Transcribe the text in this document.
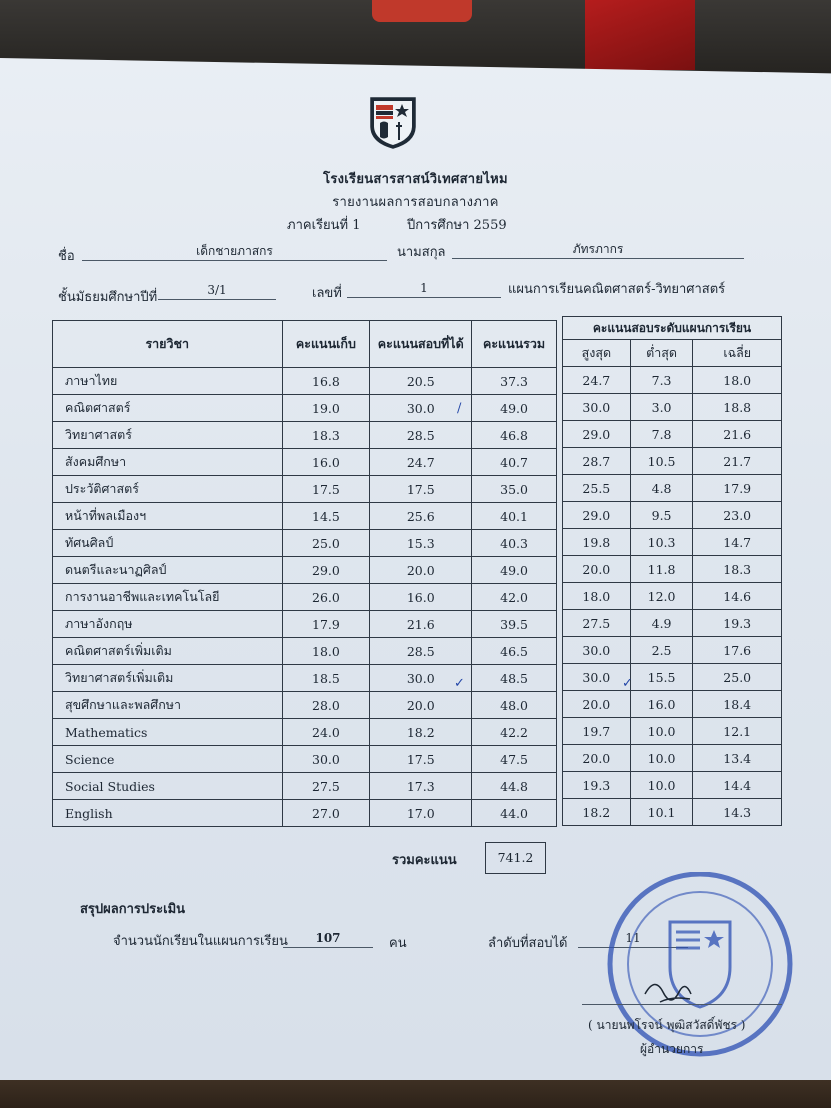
โรงเรียนสารสาสน์วิเทศสายไหม
รายงานผลการสอบกลางภาค
ภาคเรียนที่ 1	ปีการศึกษา 2559
ชื่อ	เด็กชายภาสกร	นามสกุล	ภัทรภากร
ชั้นมัธยมศึกษาปีที่	3/1	เลขที่	1	แผนการเรียนคณิตศาสตร์-วิทยาศาสตร์
รายวิชา	คะแนนเก็บ	คะแนนสอบที่ได้	คะแนนรวม
ภาษาไทย	16.8	20.5	37.3
คณิตศาสตร์	19.0	30.0	49.0
วิทยาศาสตร์	18.3	28.5	46.8
สังคมศึกษา	16.0	24.7	40.7
ประวัติศาสตร์	17.5	17.5	35.0
หน้าที่พลเมืองฯ	14.5	25.6	40.1
ทัศนศิลป์	25.0	15.3	40.3
ดนตรีและนาฏศิลป์	29.0	20.0	49.0
การงานอาชีพและเทคโนโลยี	26.0	16.0	42.0
ภาษาอังกฤษ	17.9	21.6	39.5
คณิตศาสตร์เพิ่มเติม	18.0	28.5	46.5
วิทยาศาสตร์เพิ่มเติม	18.5	30.0	48.5
สุขศึกษาและพลศึกษา	28.0	20.0	48.0
Mathematics	24.0	18.2	42.2
Science	30.0	17.5	47.5
Social Studies	27.5	17.3	44.8
English	27.0	17.0	44.0
คะแนนสอบระดับแผนการเรียน		
สูงสุด	ต่ำสุด	เฉลี่ย
24.7	7.3	18.0
30.0	3.0	18.8
29.0	7.8	21.6
28.7	10.5	21.7
25.5	4.8	17.9
29.0	9.5	23.0
19.8	10.3	14.7
20.0	11.8	18.3
18.0	12.0	14.6
27.5	4.9	19.3
30.0	2.5	17.6
30.0	15.5	25.0
20.0	16.0	18.4
19.7	10.0	12.1
20.0	10.0	13.4
19.3	10.0	14.4
18.2	10.1	14.3
/
✓	✓
รวมคะแนน	741.2
สรุปผลการประเมิน
จำนวนนักเรียนในแผนการเรียน	107	คน	ลำดับที่สอบได้	11
( นายนพโรจน์ พุฒิสวัสดิ์พัชร )
ผู้อำนวยการ
